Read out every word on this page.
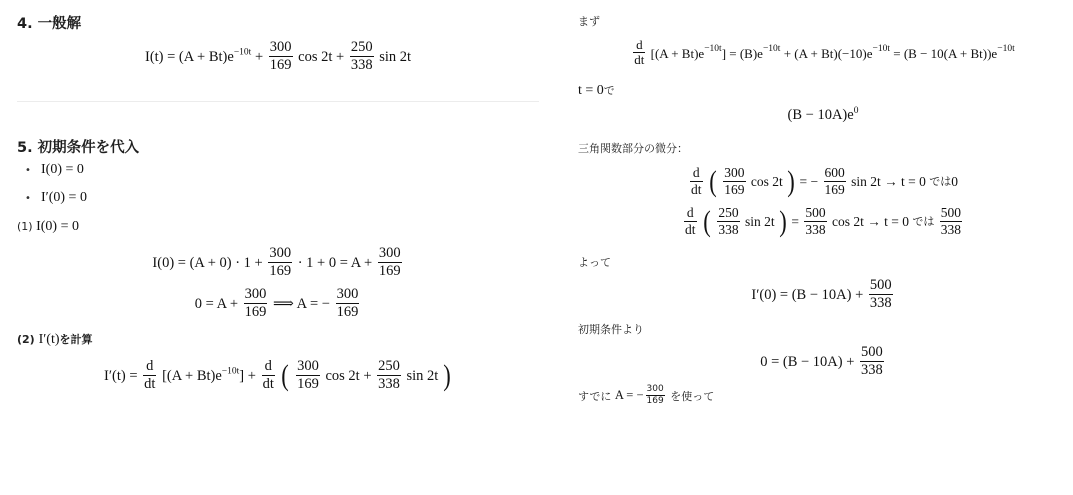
4. 一般解
$I(t) = (A + Bt)e^{-10t} + \frac{300}{169}$ $\cos 2t + \frac{250}{338}$ sin 2t
5. 初期条件を代入
• I(0) = 0
• I′(0) = 0
(1) I(0) = 0
$I(0) = (A + 0) \cdot 1 + \frac{300}{169} \cdot 1 + 0 = A + \frac{300}{169}$
$0 = A + \frac{300}{169}$ ⟹ A = − $\frac{300}{169}$
(2) I′(t)を計算
$I'(t) = \frac{d}{dt} [(A + Bt)e^{-10t}] + \frac{d}{dt}$ ( $\frac{300}{169}$ $\cos 2t + \frac{250}{338}$ sin 2t )
まず
$\frac{d}{dt} [(A + Bt)e^{-10t}] = (B)e^{-10t} + (A + Bt)(-10)e^{-10t} = (B - 10(A + Bt))e^{-10t}$
t = 0で
$(B - 10A)e^0$
三角関数部分の微分：
$\frac{d}{dt}$ ( $\frac{300}{169}$ cos 2t ) = − $\frac{600}{169}$ sin 2t → t = 0 では0
$\frac{d}{dt}$ ( $\frac{250}{338}$ sin 2t ) = $\frac{500}{338}$ cos 2t → t = 0 では $\frac{500}{338}$
よって
$I'(0) = (B - 10A) + \frac{500}{338}$
初期条件より
$0 = (B - 10A) + \frac{500}{338}$
すでに A = − $\frac{300}{169}$ を使って
